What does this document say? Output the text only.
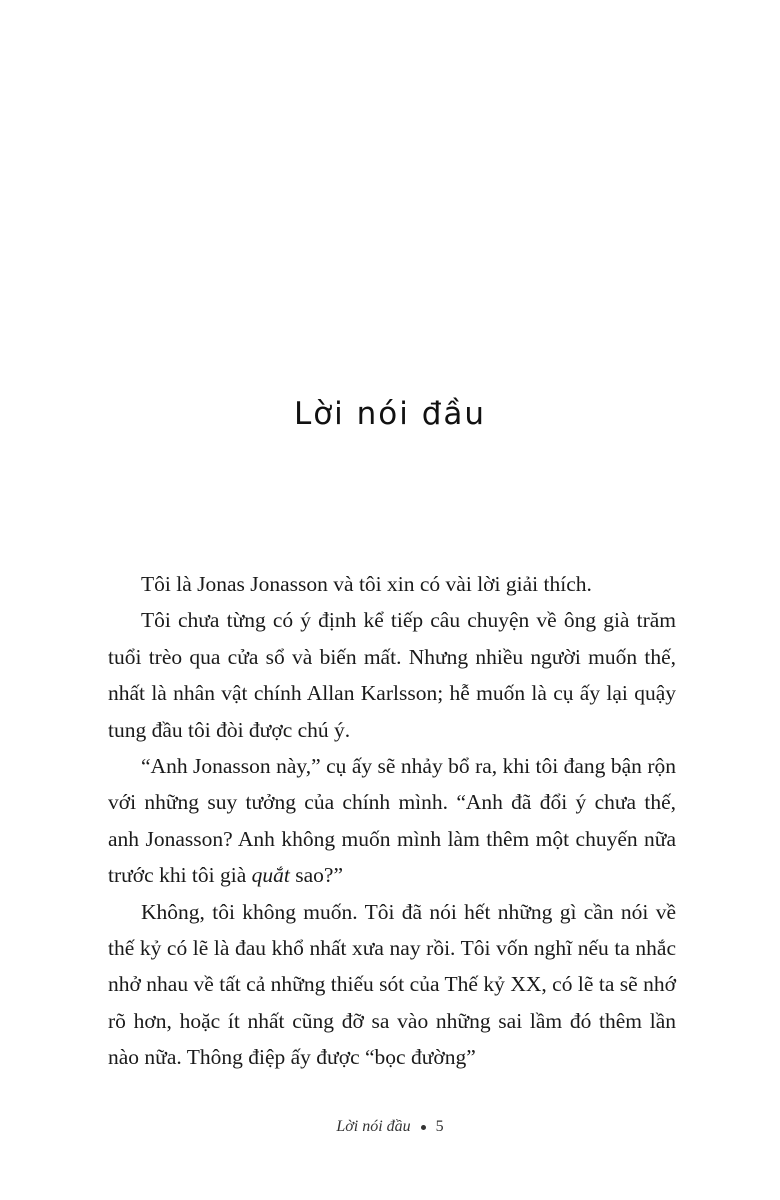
Lời nói đầu

Tôi là Jonas Jonasson và tôi xin có vài lời giải thích.

Tôi chưa từng có ý định kể tiếp câu chuyện về ông già trăm tuổi trèo qua cửa sổ và biến mất. Nhưng nhiều người muốn thế, nhất là nhân vật chính Allan Karlsson; hễ muốn là cụ ấy lại quậy tung đầu tôi đòi được chú ý.

“Anh Jonasson này,” cụ ấy sẽ nhảy bổ ra, khi tôi đang bận rộn với những suy tưởng của chính mình. “Anh đã đổi ý chưa thế, anh Jonasson? Anh không muốn mình làm thêm một chuyến nữa trước khi tôi già quắt sao?”

Không, tôi không muốn. Tôi đã nói hết những gì cần nói về thế kỷ có lẽ là đau khổ nhất xưa nay rồi. Tôi vốn nghĩ nếu ta nhắc nhở nhau về tất cả những thiếu sót của Thế kỷ XX, có lẽ ta sẽ nhớ rõ hơn, hoặc ít nhất cũng đỡ sa vào những sai lầm đó thêm lần nào nữa. Thông điệp ấy được “bọc đường”

Lời nói đầu 5
